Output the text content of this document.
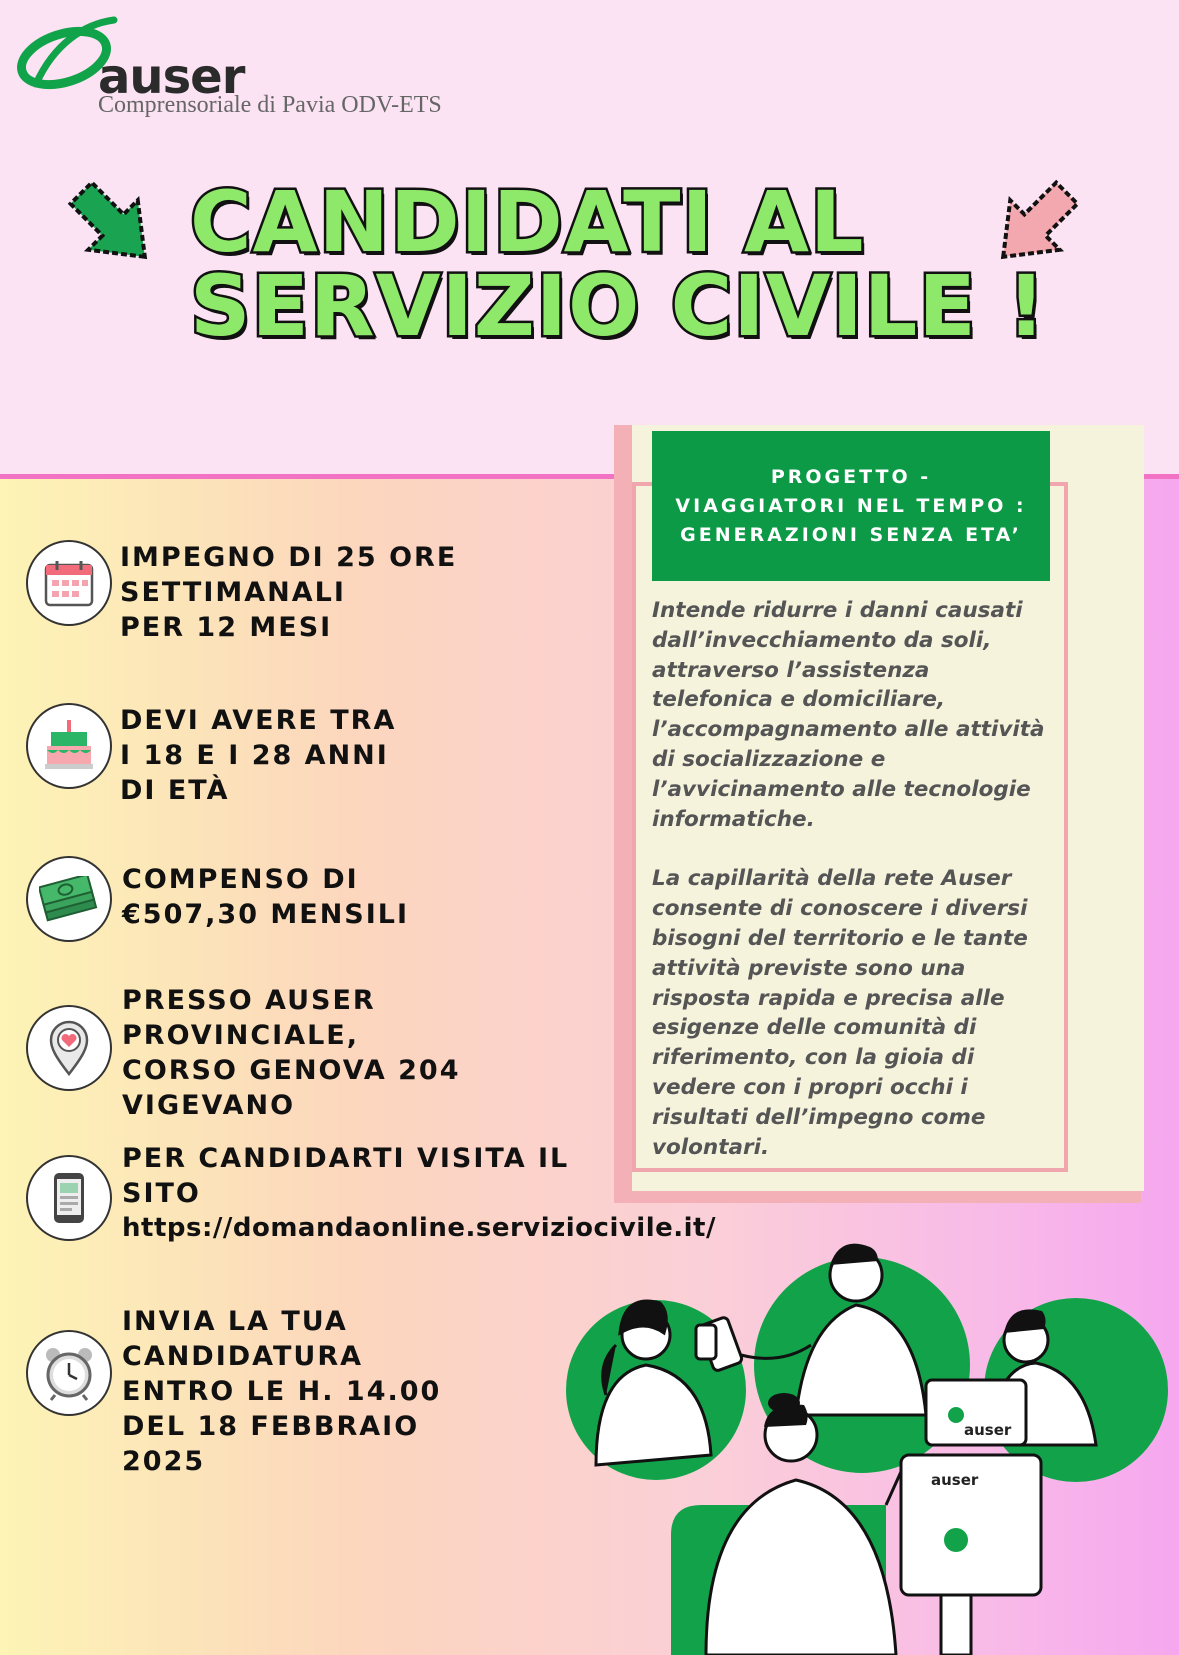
auser
Comprensoriale di Pavia ODV-ETS
CANDIDATI AL
SERVIZIO CIVILE !
IMPEGNO DI 25 ORE
SETTIMANALI
PER 12 MESI
DEVI AVERE TRA
I 18 E I 28 ANNI
DI ETÀ
COMPENSO DI
€507,30 MENSILI
PRESSO AUSER
PROVINCIALE,
CORSO GENOVA 204
VIGEVANO
PER CANDIDARTI VISITA IL
SITO
https://domandaonline.serviziocivile.it/
INVIA LA TUA
CANDIDATURA
ENTRO LE H. 14.00
DEL 18 FEBBRAIO
2025
PROGETTO -
VIAGGIATORI NEL TEMPO :
GENERAZIONI SENZA ETA’

Intende ridurre i danni causati dall’invecchiamento da soli, attraverso l’assistenza telefonica e domiciliare, l’accompagnamento alle attività di socializzazione e l’avvicinamento alle tecnologie informatiche.

La capillarità della rete Auser consente di conoscere i diversi bisogni del territorio e le tante attività previste sono una risposta rapida e precisa alle esigenze delle comunità di riferimento, con la gioia di vedere con i propri occhi i risultati dell’impegno come volontari.

auser
auser
